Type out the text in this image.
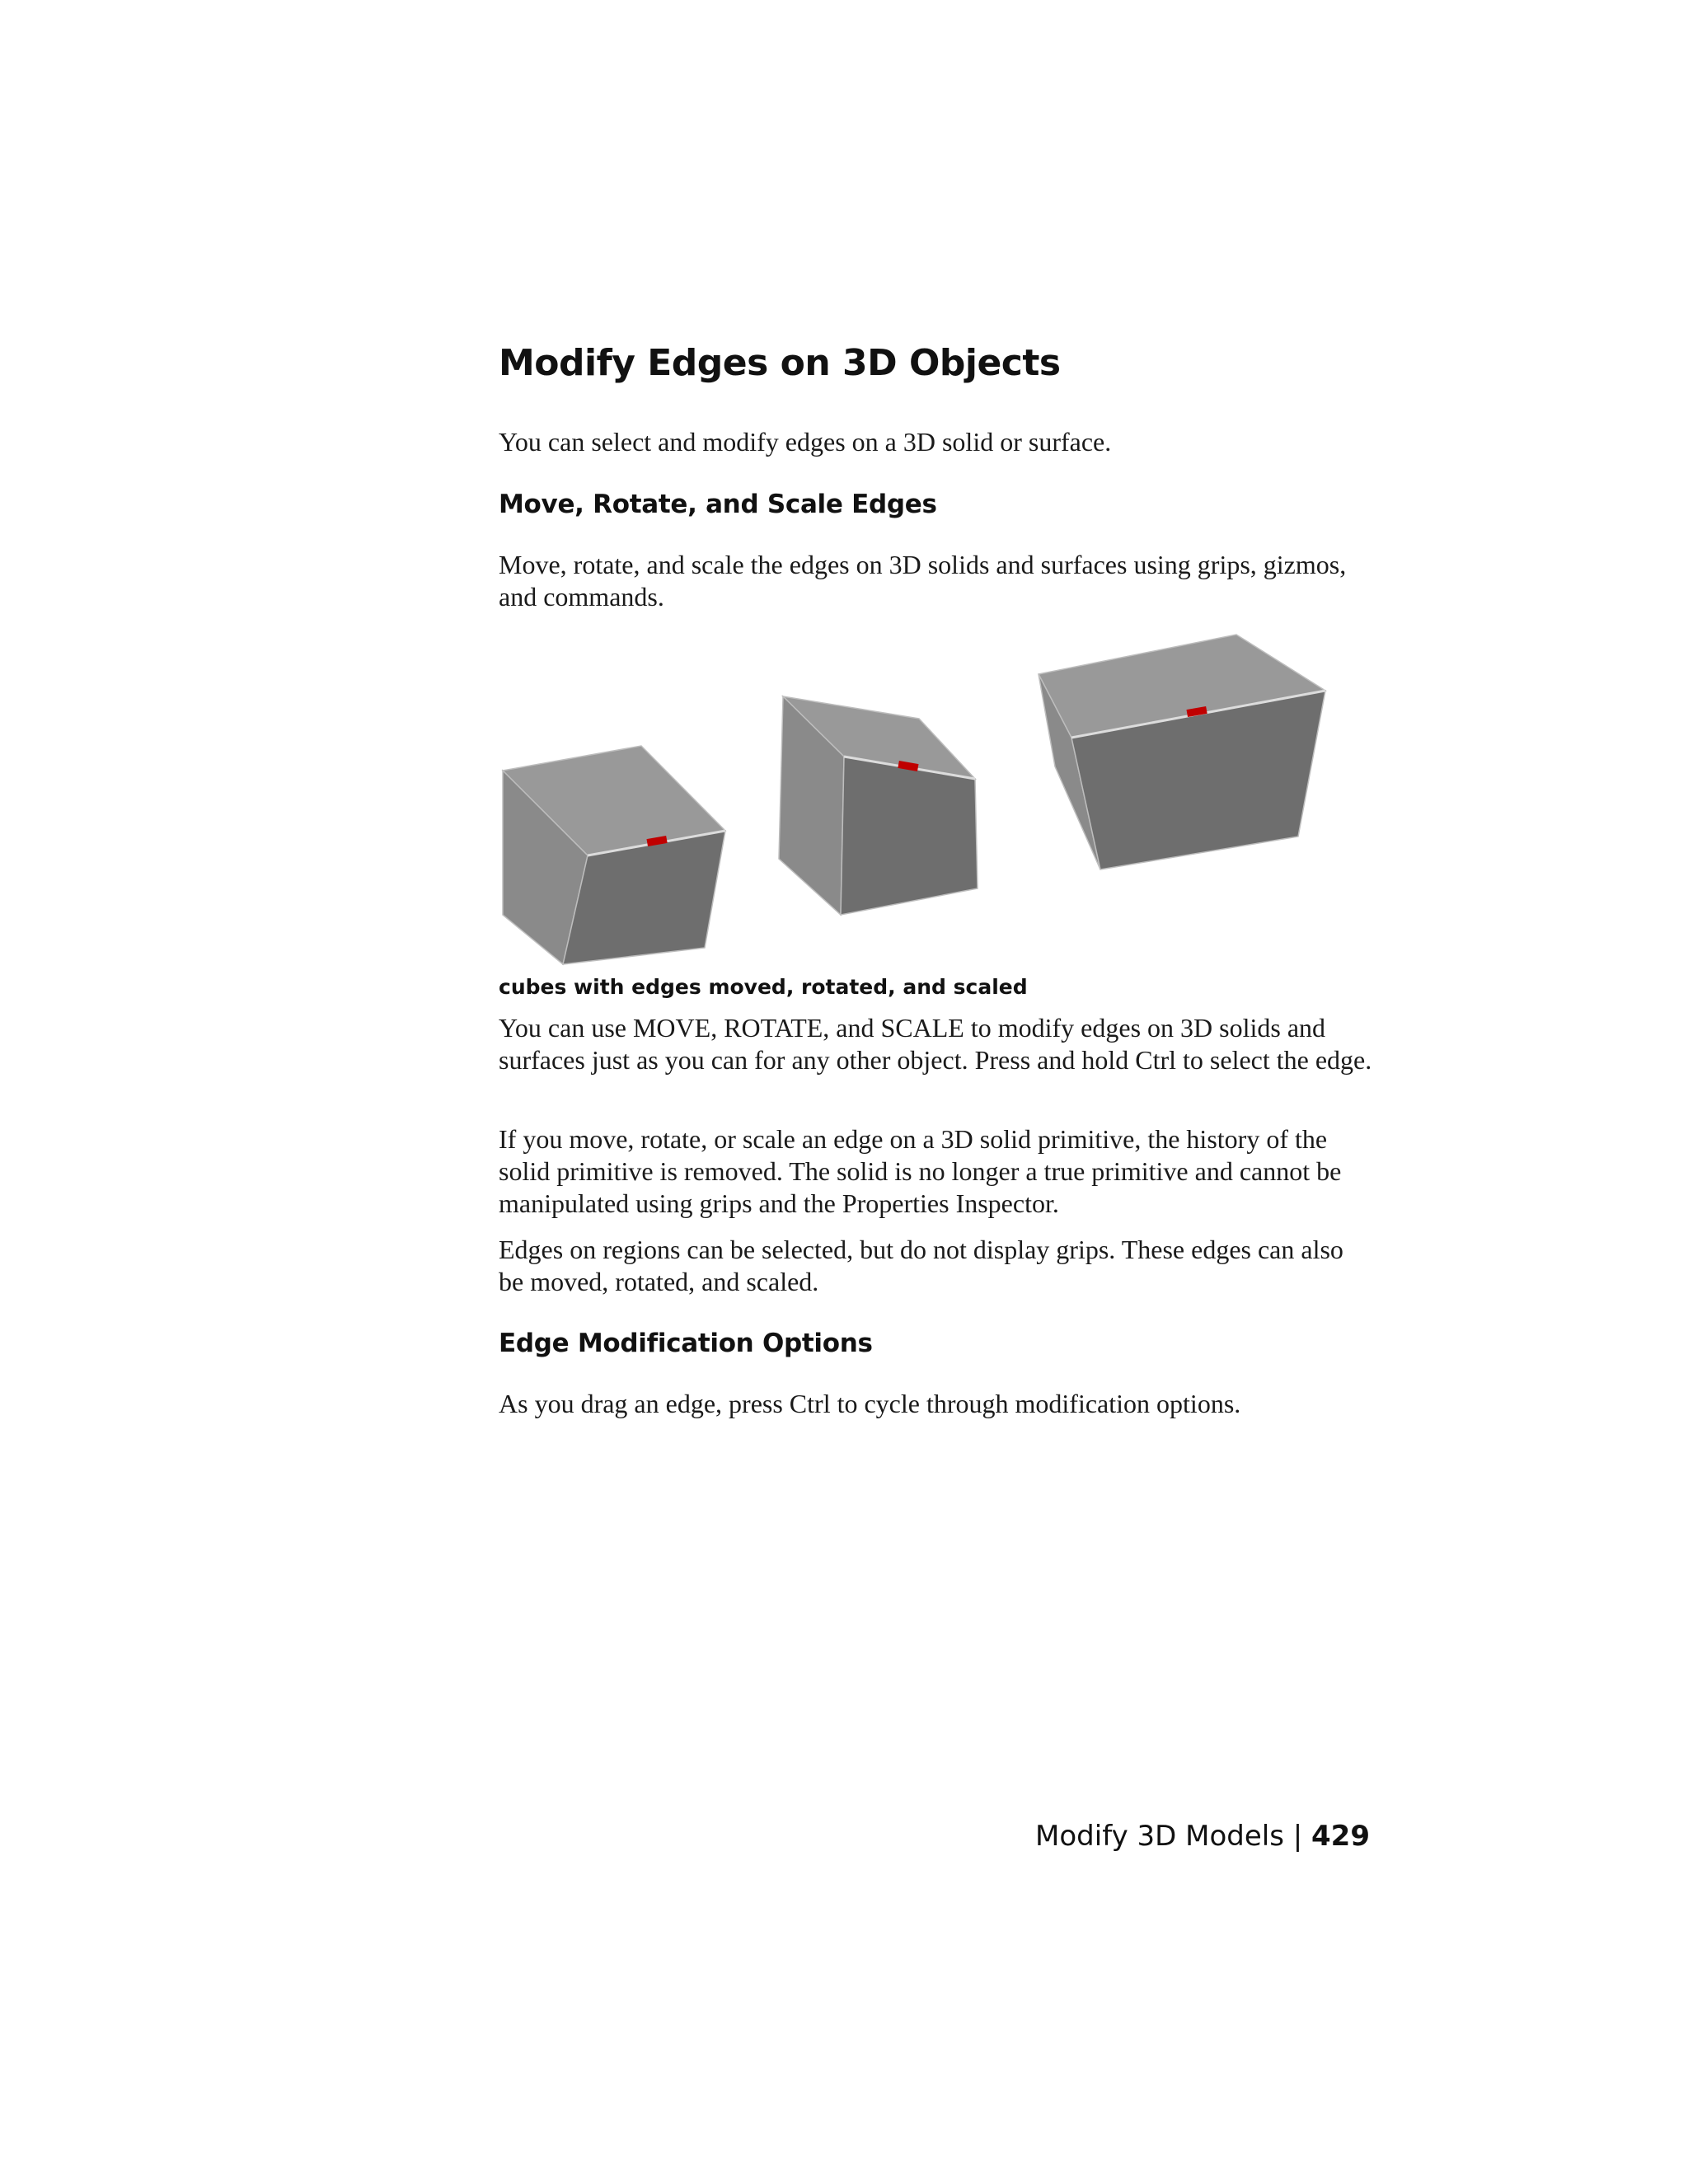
Modify Edges on 3D Objects

You can select and modify edges on a 3D solid or surface.

Move, Rotate, and Scale Edges

Move, rotate, and scale the edges on 3D solids and surfaces using grips, gizmos, and commands.

cubes with edges moved, rotated, and scaled

You can use MOVE, ROTATE, and SCALE to modify edges on 3D solids and surfaces just as you can for any other object. Press and hold Ctrl to select the edge.

If you move, rotate, or scale an edge on a 3D solid primitive, the history of the solid primitive is removed. The solid is no longer a true primitive and cannot be manipulated using grips and the Properties Inspector.

Edges on regions can be selected, but do not display grips. These edges can also be moved, rotated, and scaled.

Edge Modification Options

As you drag an edge, press Ctrl to cycle through modification options.

Modify 3D Models | 429
